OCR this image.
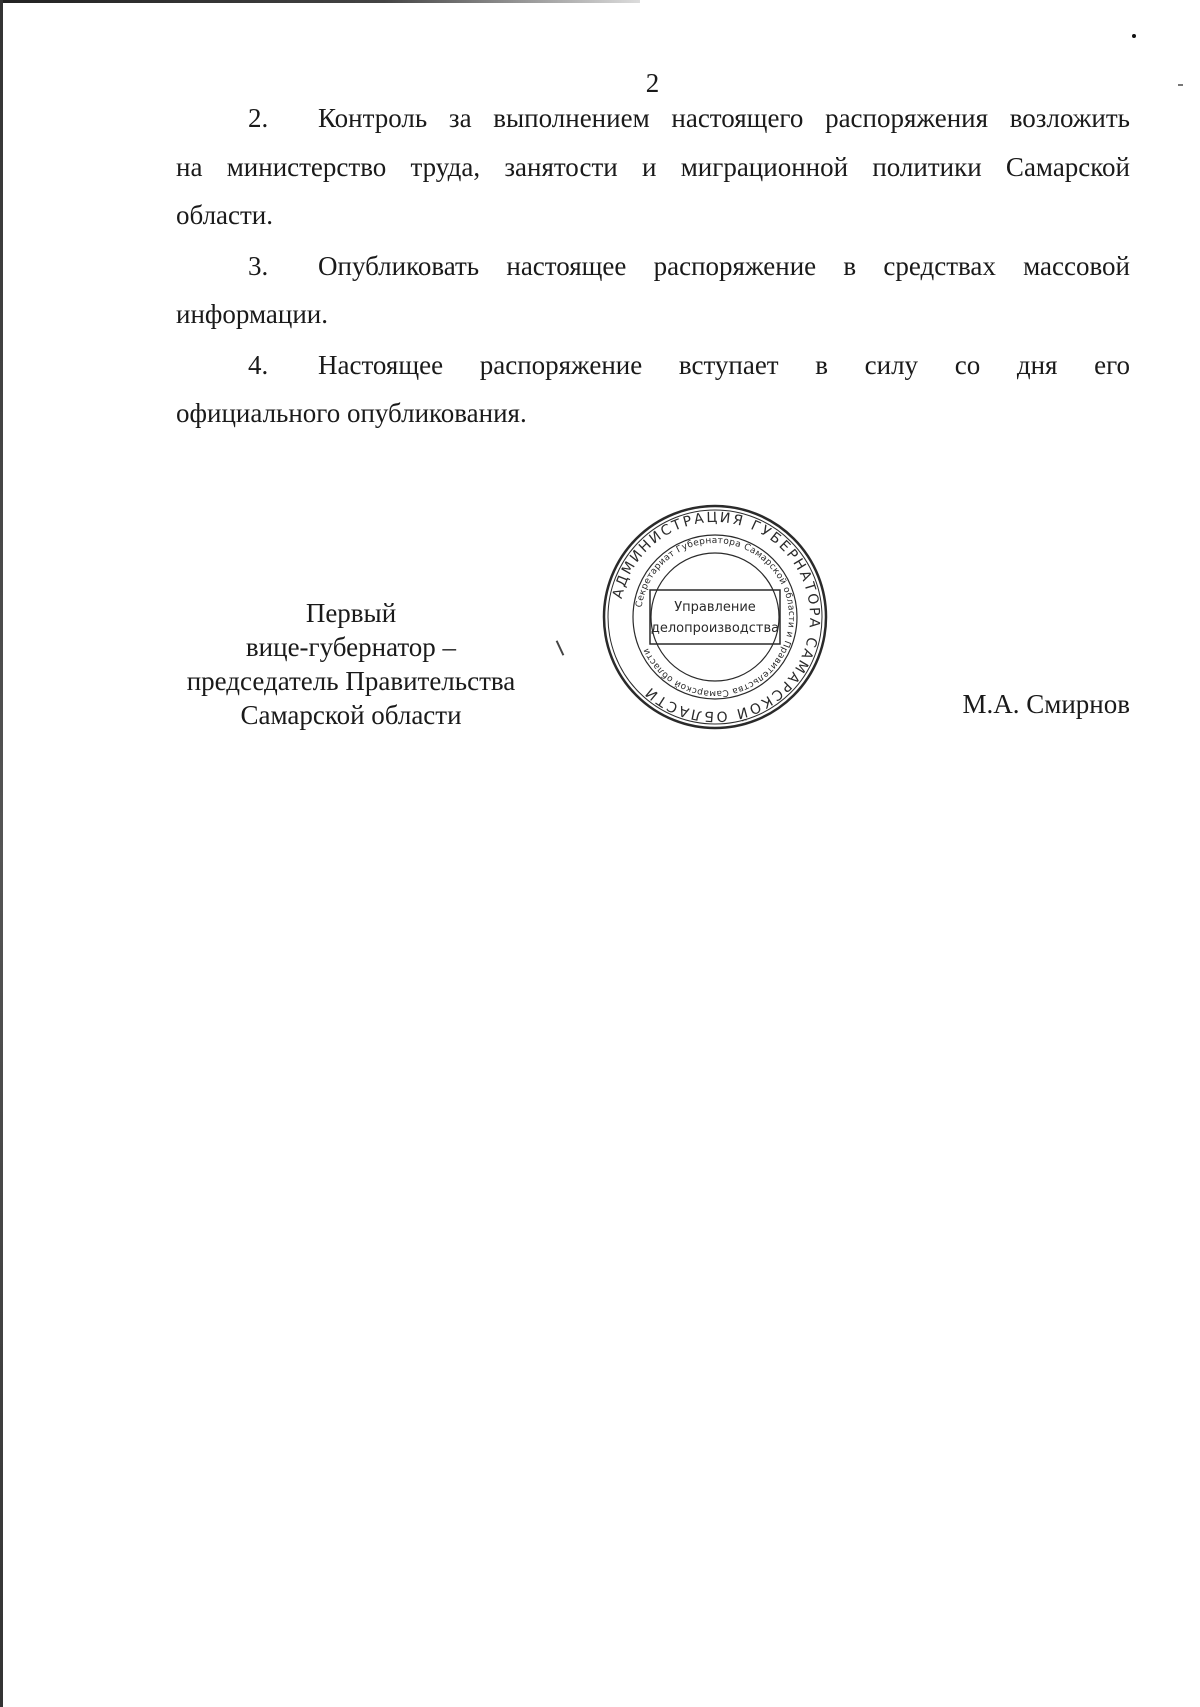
2

2. Контроль за выполнением настоящего распоряжения возложить
на министерство труда, занятости и миграционной политики Самарской
области.

3. Опубликовать настоящее распоряжение в средствах массовой
информации.

4. Настоящее распоряжение вступает в силу со дня его
официального опубликования.

Первый
вице-губернатор –
председатель Правительства
Самарской области
АДМИНИСТРАЦИЯ ГУБЕРНАТОРА САМАРСКОЙ ОБЛАСТИ
Секретариат Губернатора Самарской области и Правительства Самарской области
Управление
делопроизводства
М.А. Смирнов
